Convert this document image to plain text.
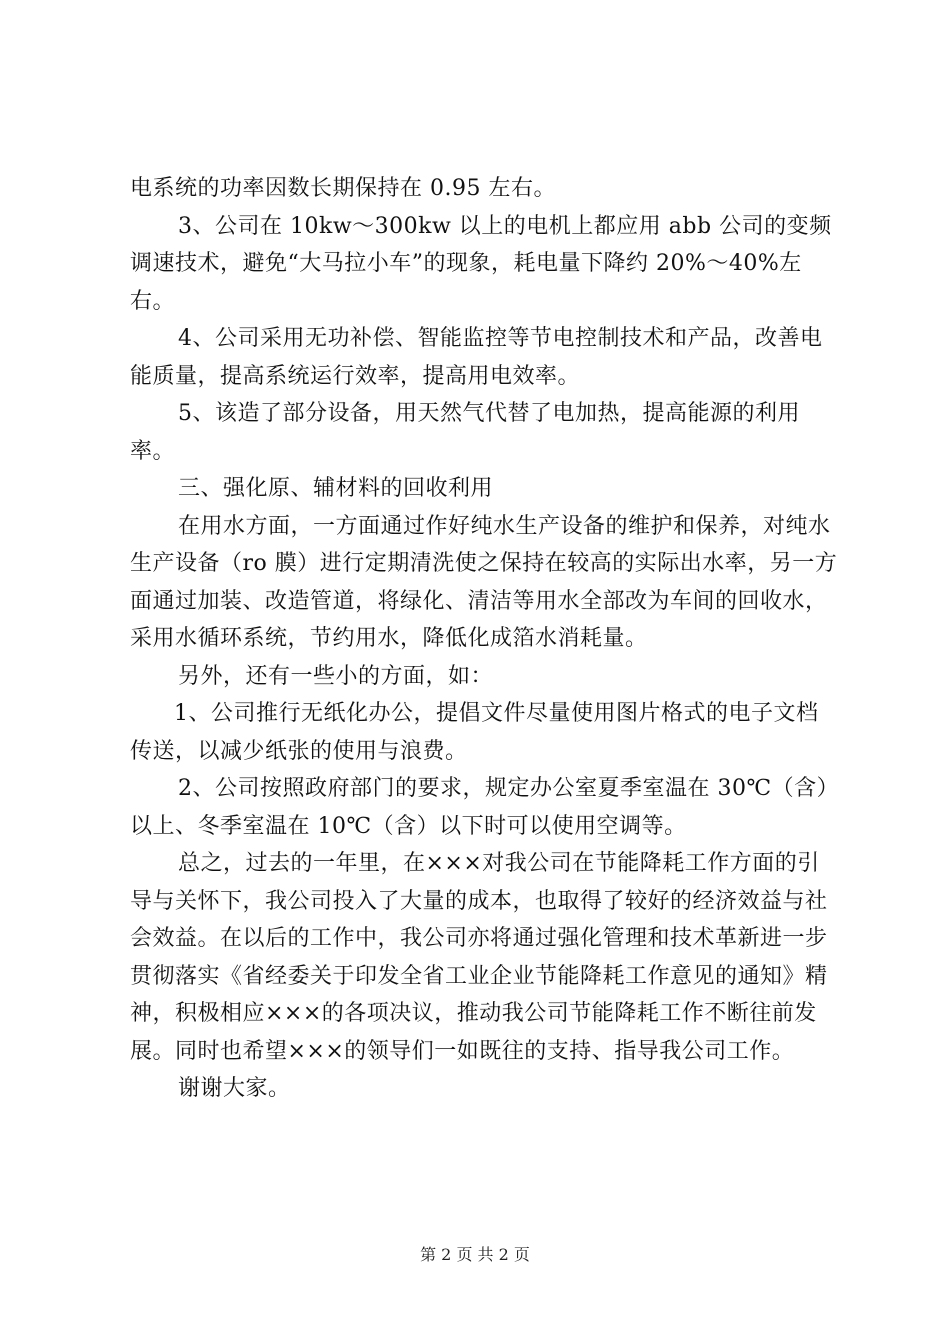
电系统的功率因数长期保持在 0.95 左右。

3、公司在 10kw～300kw 以上的电机上都应用 abb 公司的变频调速技术，避免“大马拉小车”的现象，耗电量下降约 20%～40%左右。

4、公司采用无功补偿、智能监控等节电控制技术和产品，改善电能质量，提高系统运行效率，提高用电效率。

5、该造了部分设备，用天然气代替了电加热，提高能源的利用率。

三、强化原、辅材料的回收利用

在用水方面，一方面通过作好纯水生产设备的维护和保养，对纯水生产设备（ro 膜）进行定期清洗使之保持在较高的实际出水率，另一方面通过加装、改造管道，将绿化、清洁等用水全部改为车间的回收水，采用水循环系统，节约用水，降低化成箔水消耗量。

另外，还有一些小的方面，如：

1、公司推行无纸化办公，提倡文件尽量使用图片格式的电子文档传送，以减少纸张的使用与浪费。

2、公司按照政府部门的要求，规定办公室夏季室温在 30℃（含）以上、冬季室温在 10℃（含）以下时可以使用空调等。

总之，过去的一年里，在×××对我公司在节能降耗工作方面的引导与关怀下，我公司投入了大量的成本，也取得了较好的经济效益与社会效益。在以后的工作中，我公司亦将通过强化管理和技术革新进一步贯彻落实《省经委关于印发全省工业企业节能降耗工作意见的通知》精神，积极相应×××的各项决议，推动我公司节能降耗工作不断往前发展。同时也希望×××的领导们一如既往的支持、指导我公司工作。

谢谢大家。

第 2 页 共 2 页
